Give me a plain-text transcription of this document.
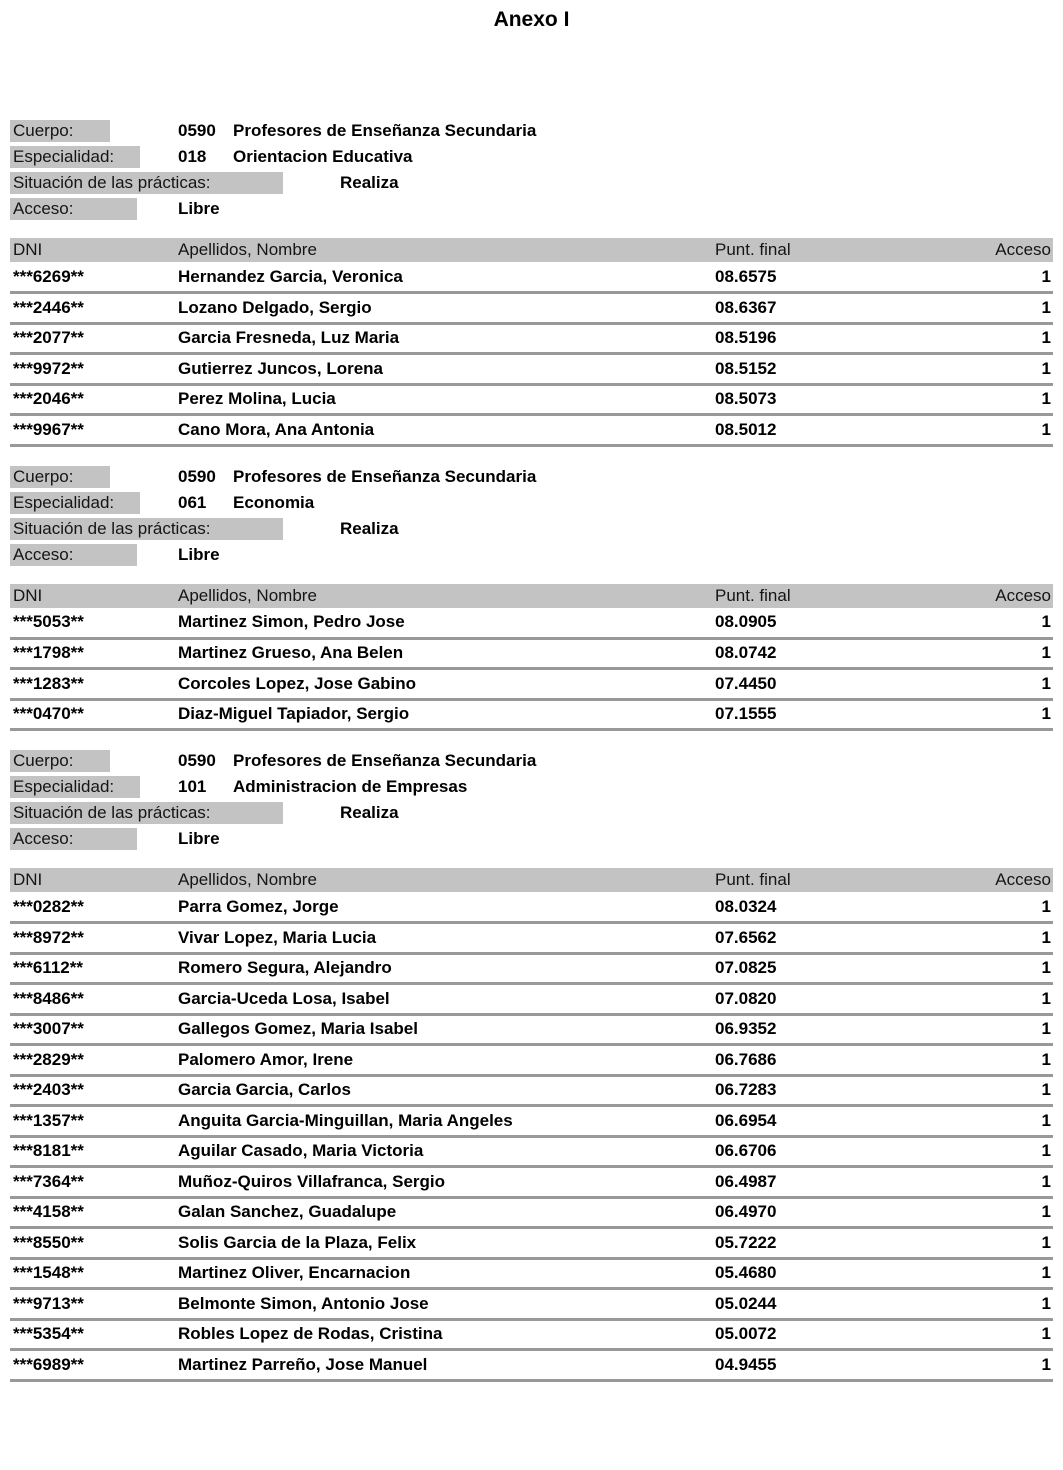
Anexo I
Cuerpo:	0590 Profesores de Enseñanza Secundaria
Especialidad:	018 Orientacion Educativa
Situación de las prácticas:	Realiza
Acceso:	Libre
DNI	Apellidos, Nombre	Punt. final	Acceso
***6269**	Hernandez Garcia, Veronica	08.6575	1
***2446**	Lozano Delgado, Sergio	08.6367	1
***2077**	Garcia Fresneda, Luz Maria	08.5196	1
***9972**	Gutierrez Juncos, Lorena	08.5152	1
***2046**	Perez Molina, Lucia	08.5073	1
***9967**	Cano Mora, Ana Antonia	08.5012	1
Cuerpo:	0590 Profesores de Enseñanza Secundaria
Especialidad:	061 Economia
Situación de las prácticas:	Realiza
Acceso:	Libre
DNI	Apellidos, Nombre	Punt. final	Acceso
***5053**	Martinez Simon, Pedro Jose	08.0905	1
***1798**	Martinez Grueso, Ana Belen	08.0742	1
***1283**	Corcoles Lopez, Jose Gabino	07.4450	1
***0470**	Diaz-Miguel Tapiador, Sergio	07.1555	1
Cuerpo:	0590 Profesores de Enseñanza Secundaria
Especialidad:	101 Administracion de Empresas
Situación de las prácticas:	Realiza
Acceso:	Libre
DNI	Apellidos, Nombre	Punt. final	Acceso
***0282**	Parra Gomez, Jorge	08.0324	1
***8972**	Vivar Lopez, Maria Lucia	07.6562	1
***6112**	Romero Segura, Alejandro	07.0825	1
***8486**	Garcia-Uceda Losa, Isabel	07.0820	1
***3007**	Gallegos Gomez, Maria Isabel	06.9352	1
***2829**	Palomero Amor, Irene	06.7686	1
***2403**	Garcia Garcia, Carlos	06.7283	1
***1357**	Anguita Garcia-Minguillan, Maria Angeles	06.6954	1
***8181**	Aguilar Casado, Maria Victoria	06.6706	1
***7364**	Muñoz-Quiros Villafranca, Sergio	06.4987	1
***4158**	Galan Sanchez, Guadalupe	06.4970	1
***8550**	Solis Garcia de la Plaza, Felix	05.7222	1
***1548**	Martinez Oliver, Encarnacion	05.4680	1
***9713**	Belmonte Simon, Antonio Jose	05.0244	1
***5354**	Robles Lopez de Rodas, Cristina	05.0072	1
***6989**	Martinez Parreño, Jose Manuel	04.9455	1
